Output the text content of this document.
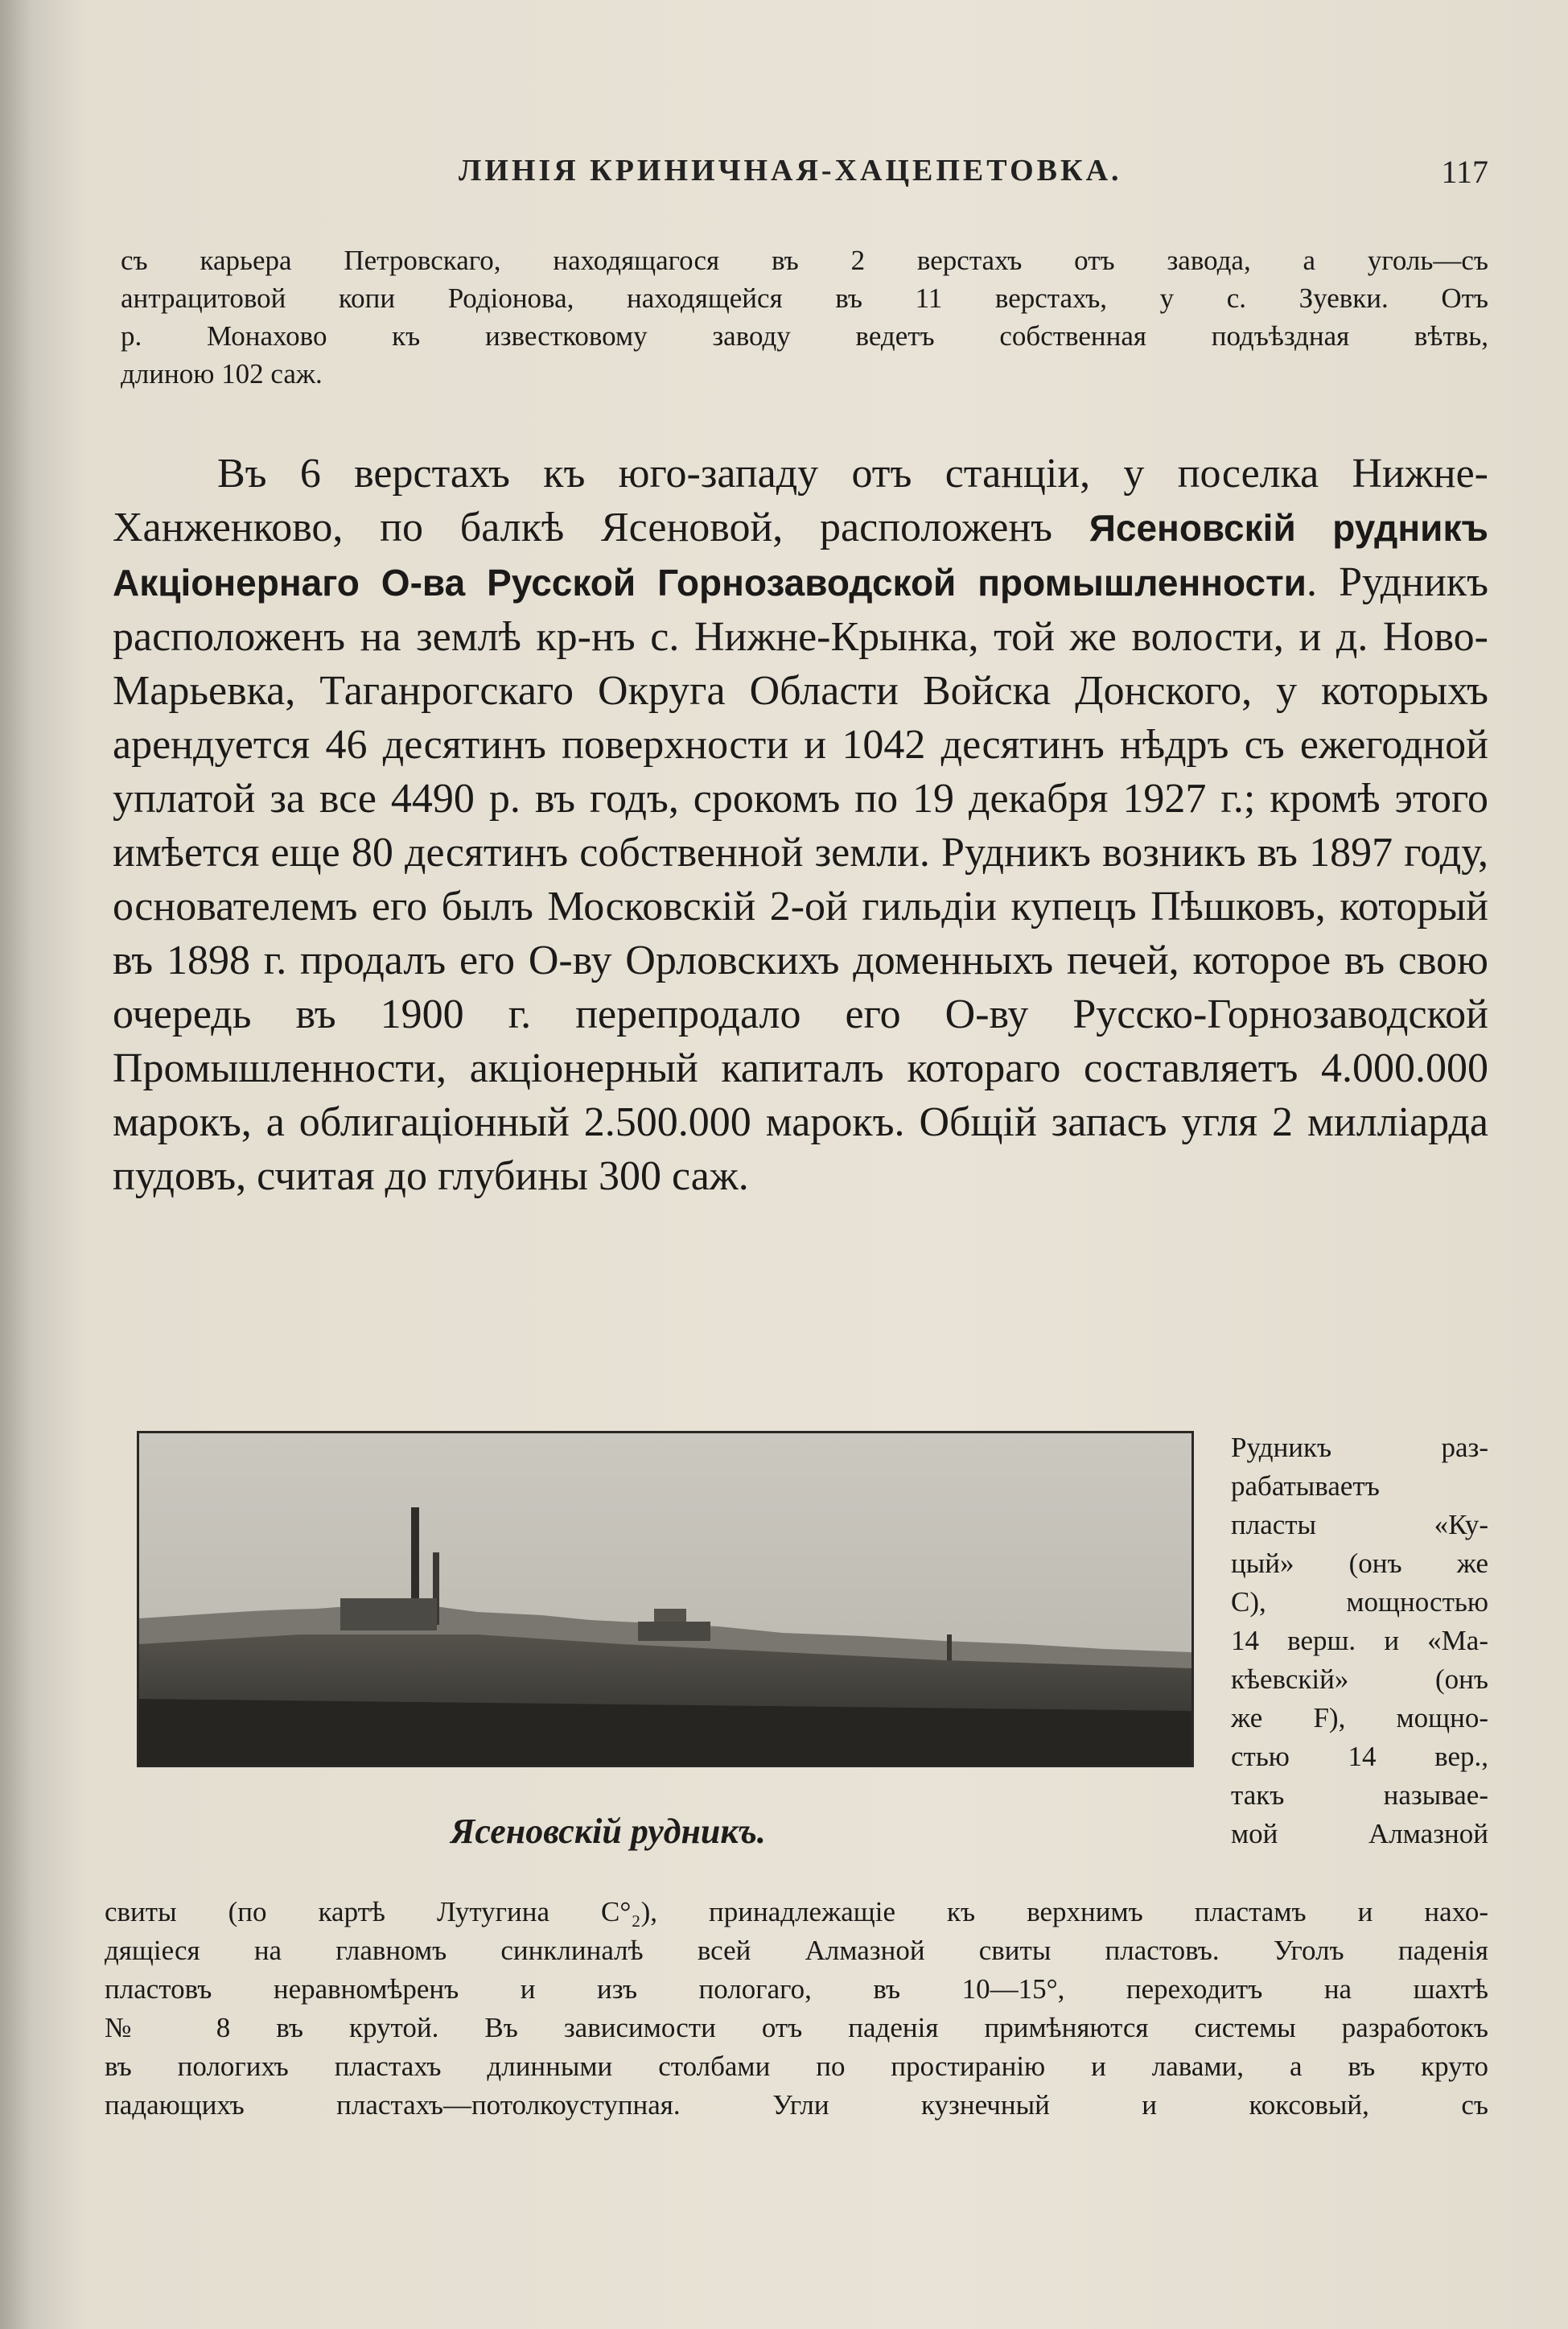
ЛИНІЯ КРИНИЧНАЯ-ХАЦЕПЕТОВКА.	117
съ карьера Петровскаго, находящагося въ 2 верстахъ отъ завода, а уголь—съ
антрацитовой копи Родіонова, находящейся въ 11 верстахъ, у с. Зуевки. Отъ
р. Монахово къ известковому заводу ведетъ собственная подъѣздная вѣтвь,
длиною 102 саж.
Въ 6 верстахъ къ юго-западу отъ станціи, у поселка Нижне-Ханженково, по балкѣ Ясеновой, расположенъ Ясеновскій рудникъ Акціонернаго О-ва Русской Горнозаводской промышленности. Рудникъ расположенъ на землѣ кр-нъ с. Нижне-Крынка, той же волости, и д. Ново-Марьевка, Таганрогскаго Округа Области Войска Донского, у которыхъ арендуется 46 десятинъ поверхности и 1042 десятинъ нѣдръ съ ежегодной уплатой за все 4490 р. въ годъ, срокомъ по 19 декабря 1927 г.; кромѣ этого имѣется еще 80 десятинъ собственной земли. Рудникъ возникъ въ 1897 году, основателемъ его былъ Московскій 2-ой гильдіи купецъ Пѣшковъ, который въ 1898 г. продалъ его О-ву Орловскихъ доменныхъ печей, которое въ свою очередь въ 1900 г. перепродало его О-ву Русско-Горнозаводской Промышленности, акціонерный капиталъ котораго составляетъ 4.000.000 марокъ, а облигаціонный 2.500.000 марокъ. Общій запасъ угля 2 миллiарда пудовъ, считая до глубины 300 саж.
Ясеновскій рудникъ.
Рудникъ раз-
рабатываетъ
пласты «Ку-
цый» (онъ же
С), мощностью
14 верш. и «Ма-
кѣевскій» (онъ
же F), мощно-
стью 14 вер.,
такъ называе-
мой Алмазной
свиты (по картѣ Лутугина C°₂), принадлежащіе къ верхнимъ пластамъ и нахо-
дящіеся на главномъ синклиналѣ всей Алмазной свиты пластовъ. Уголъ паденія
пластовъ неравномѣренъ и изъ пологаго, въ 10—15°, переходитъ на шахтѣ
№ 8 въ крутой. Въ зависимости отъ паденія примѣняются системы разработокъ
въ пологихъ пластахъ длинными столбами по простиранію и лавами, а въ круто
падающихъ пластахъ—потолкоуступная. Угли кузнечный и коксовый, съ
